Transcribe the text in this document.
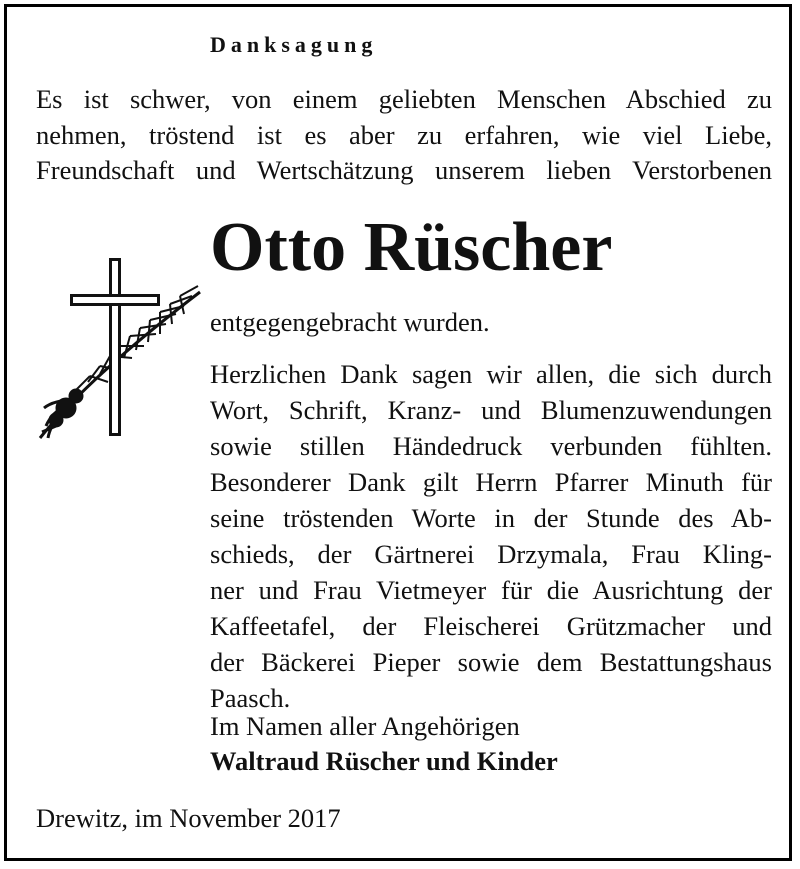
Danksagung
Es ist schwer, von einem geliebten Menschen Abschied zu
nehmen, tröstend ist es aber zu erfahren, wie viel Liebe,
Freundschaft und Wertschätzung unserem lieben Verstorbenen
Otto Rüscher
entgegengebracht wurden.
Herzlichen Dank sagen wir allen, die sich durch
Wort, Schrift, Kranz- und Blumenzuwendungen
sowie stillen Händedruck verbunden fühlten.
Besonderer Dank gilt Herrn Pfarrer Minuth für
seine tröstenden Worte in der Stunde des Ab-
schieds, der Gärtnerei Drzymala, Frau Kling-
ner und Frau Vietmeyer für die Ausrichtung der
Kaffeetafel, der Fleischerei Grützmacher und
der Bäckerei Pieper sowie dem Bestattungshaus
Paasch.
Im Namen aller Angehörigen
Waltraud Rüscher und Kinder
Drewitz, im November 2017
